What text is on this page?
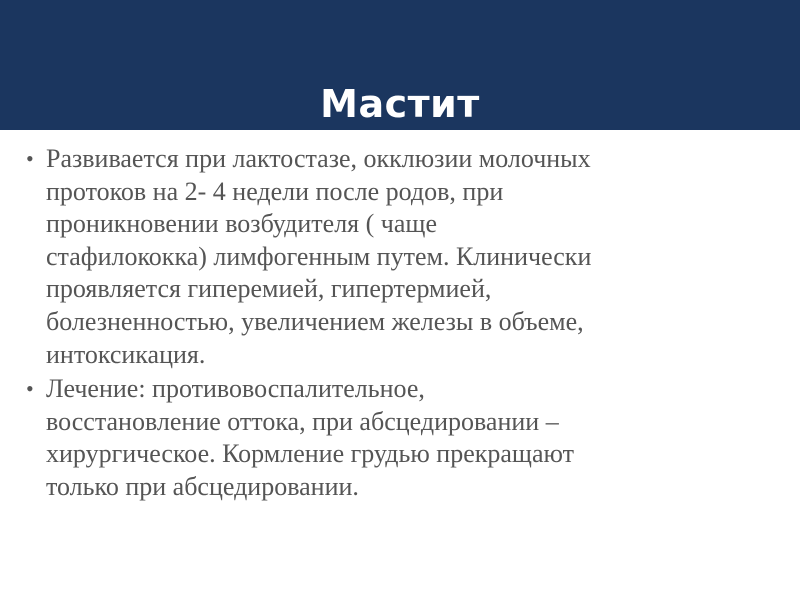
Мастит
• Развивается при лактостазе, окклюзии молочных
протоков на 2- 4 недели после родов, при
проникновении возбудителя ( чаще
стафилококка) лимфогенным путем. Клинически
проявляется гиперемией, гипертермией,
болезненностью, увеличением железы в объеме,
интоксикация.
• Лечение: противовоспалительное,
восстановление оттока, при абсцедировании –
хирургическое. Кормление грудью прекращают
только при абсцедировании.
